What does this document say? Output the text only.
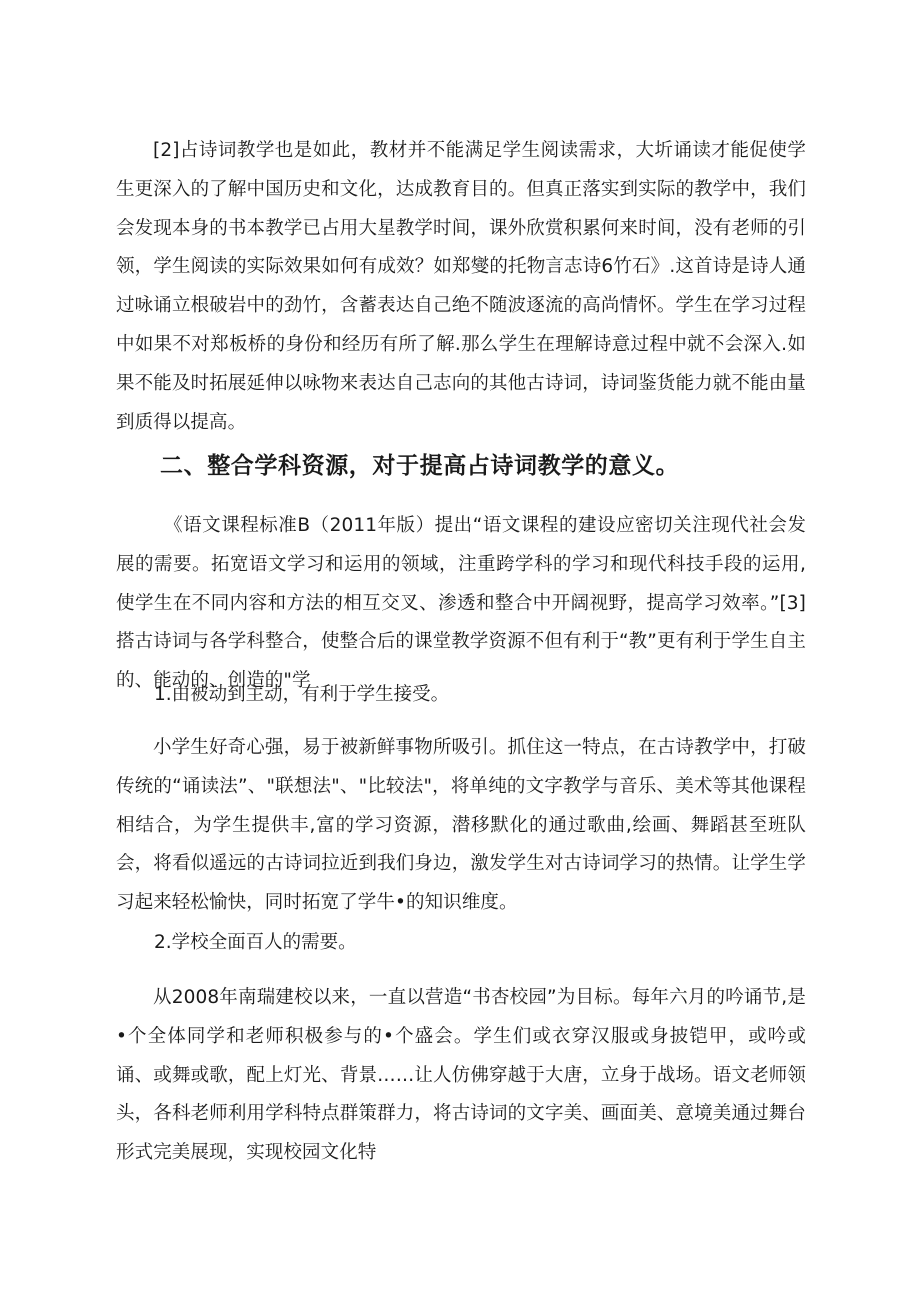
[2]占诗词教学也是如此，教材并不能满足学生阅读需求，大圻诵读才能促使学生更深入的了解中国历史和文化，达成教育目的。但真正落实到实际的教学中，我们会发现本身的书本教学已占用大星教学时间，课外欣赏积累何来时间，没有老师的引领，学生阅读的实际效果如何有成效？如郑燮的托物言志诗6竹石》.这首诗是诗人通过咏诵立根破岩中的劲竹，含蓄表达自己绝不随波逐流的高尚情怀。学生在学习过程中如果不对郑板桥的身份和经历有所了解.那么学生在理解诗意过程中就不会深入.如果不能及时拓展延伸以咏物来表达自己志向的其他古诗词，诗词鉴货能力就不能由量到质得以提高。

二、整合学科资源，对于提高占诗词教学的意义。

《语文课程标准B（2011年版）提出“语文课程的建设应密切关注现代社会发展的需要。拓宽语文学习和运用的领域，注重跨学科的学习和现代科技手段的运用,使学生在不同内容和方法的相互交叉、渗透和整合中开阔视野，提高学习效率。”[3]搭古诗词与各学科整合，使整合后的课堂教学资源不但有利于“教”更有利于学生自主的、能动的、创造的"学

1.由被动到主动，有利于学生接受。

小学生好奇心强，易于被新鲜事物所吸引。抓住这一特点，在古诗教学中，打破传统的“诵读法”、"联想法"、"比较法"，将单纯的文字教学与音乐、美术等其他课程相结合，为学生提供丰,富的学习资源，潜移默化的通过歌曲,绘画、舞蹈甚至班队会，将看似遥远的古诗词拉近到我们身边，激发学生对古诗词学习的热情。让学生学习起来轻松愉快，同时拓宽了学牛•的知识维度。

2.学校全面百人的需要。

从2008年南瑞建校以来，一直以营造“书杏校园”为目标。每年六月的吟诵节,是•个全体同学和老师积极参与的•个盛会。学生们或衣穿汉服或身披铠甲，或吟或诵、或舞或歌，配上灯光、背景……让人仿佛穿越于大唐，立身于战场。语文老师领头，各科老师利用学科特点群策群力，将古诗词的文字美、画面美、意境美通过舞台形式完美展现，实现校园文化特
